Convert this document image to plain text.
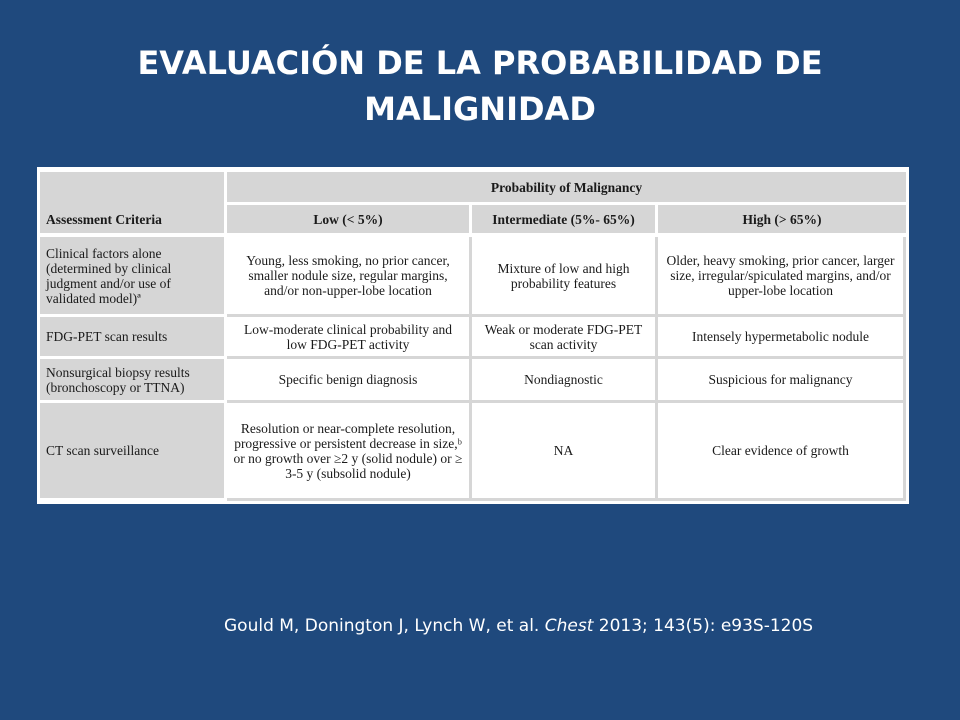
EVALUACIÓN DE LA PROBABILIDAD DE MALIGNIDAD
Assessment Criteria	Probability of Malignancy		
	Low (< 5%)	Intermediate (5%- 65%)	High (> 65%)

Clinical factors alone (determined by clinical judgment and/or use of validated model)ª	Young, less smoking, no prior cancer, smaller nodule size, regular margins, and/or non-upper-lobe location	Mixture of low and high probability features	Older, heavy smoking, prior cancer, larger size, irregular/spiculated margins, and/or upper-lobe location
FDG-PET scan results	Low-moderate clinical probability and low FDG-PET activity	Weak or moderate FDG-PET scan activity	Intensely hypermetabolic nodule
Nonsurgical biopsy results (bronchoscopy or TTNA)	Specific benign diagnosis	Nondiagnostic	Suspicious for malignancy
CT scan surveillance	Resolution or near-complete resolution, progressive or persistent decrease in size,ᵇ or no growth over ≥2 y (solid nodule) or ≥ 3-5 y (subsolid nodule)	NA	Clear evidence of growth
Gould M, Donington J, Lynch W, et al. Chest 2013; 143(5): e93S-120S
